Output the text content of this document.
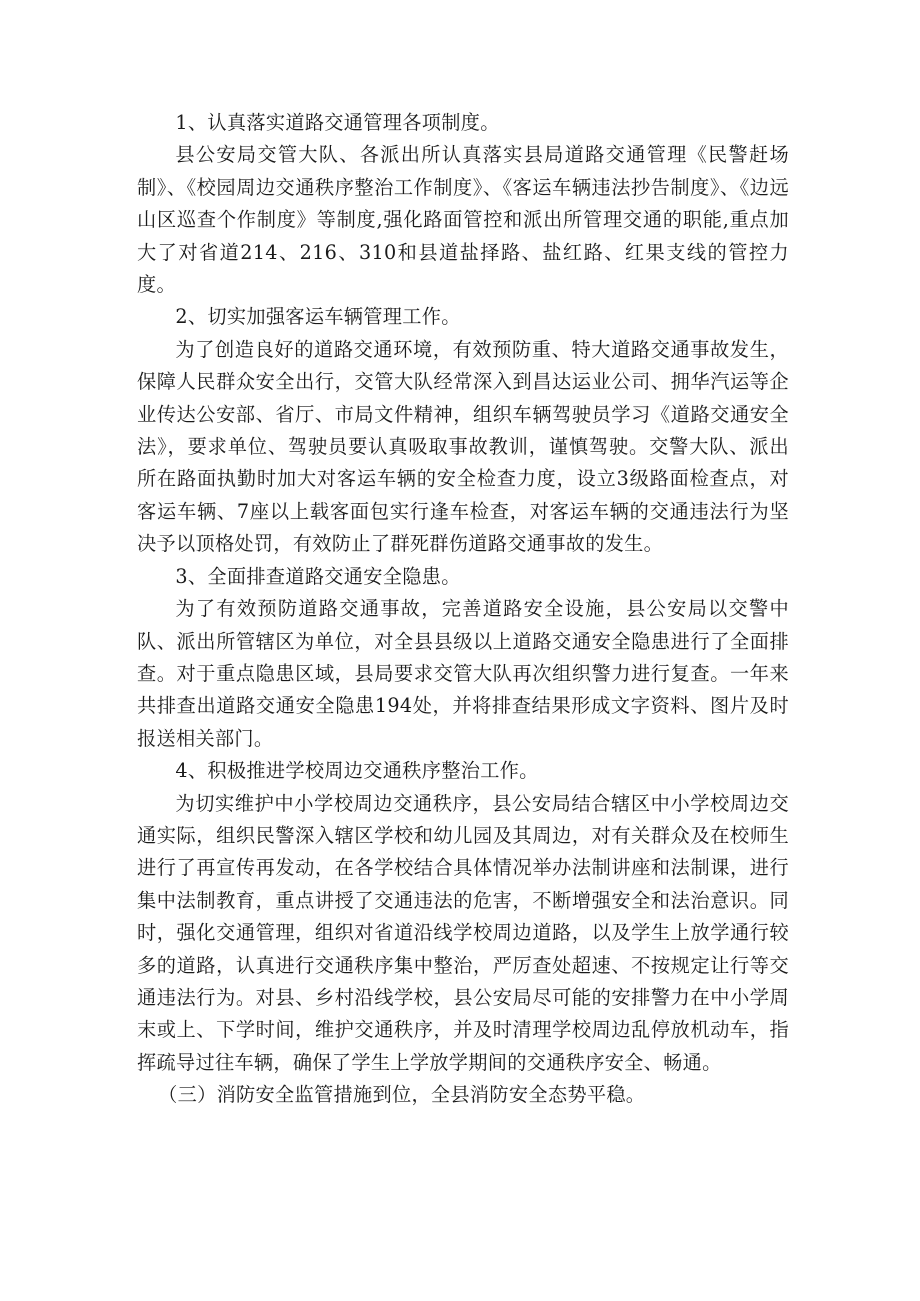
1、认真落实道路交通管理各项制度。

县公安局交管大队、各派出所认真落实县局道路交通管理《民警赶场制》、《校园周边交通秩序整治工作制度》、《客运车辆违法抄告制度》、《边远山区巡查个作制度》等制度,强化路面管控和派出所管理交通的职能,重点加大了对省道214、216、310和县道盐择路、盐红路、红果支线的管控力度。

2、切实加强客运车辆管理工作。

为了创造良好的道路交通环境，有效预防重、特大道路交通事故发生，保障人民群众安全出行，交管大队经常深入到昌达运业公司、拥华汽运等企业传达公安部、省厅、市局文件精神，组织车辆驾驶员学习《道路交通安全法》，要求单位、驾驶员要认真吸取事故教训，谨慎驾驶。交警大队、派出所在路面执勤时加大对客运车辆的安全检查力度，设立3级路面检查点，对客运车辆、7座以上载客面包实行逢车检查，对客运车辆的交通违法行为坚决予以顶格处罚，有效防止了群死群伤道路交通事故的发生。

3、全面排查道路交通安全隐患。

为了有效预防道路交通事故，完善道路安全设施，县公安局以交警中队、派出所管辖区为单位，对全县县级以上道路交通安全隐患进行了全面排查。对于重点隐患区域，县局要求交管大队再次组织警力进行复查。一年来共排查出道路交通安全隐患194处，并将排查结果形成文字资料、图片及时报送相关部门。

4、积极推进学校周边交通秩序整治工作。

为切实维护中小学校周边交通秩序，县公安局结合辖区中小学校周边交通实际，组织民警深入辖区学校和幼儿园及其周边，对有关群众及在校师生进行了再宣传再发动，在各学校结合具体情况举办法制讲座和法制课，进行集中法制教育，重点讲授了交通违法的危害，不断增强安全和法治意识。同时，强化交通管理，组织对省道沿线学校周边道路，以及学生上放学通行较多的道路，认真进行交通秩序集中整治，严厉查处超速、不按规定让行等交通违法行为。对县、乡村沿线学校，县公安局尽可能的安排警力在中小学周末或上、下学时间，维护交通秩序，并及时清理学校周边乱停放机动车，指挥疏导过往车辆，确保了学生上学放学期间的交通秩序安全、畅通。

（三）消防安全监管措施到位，全县消防安全态势平稳。
